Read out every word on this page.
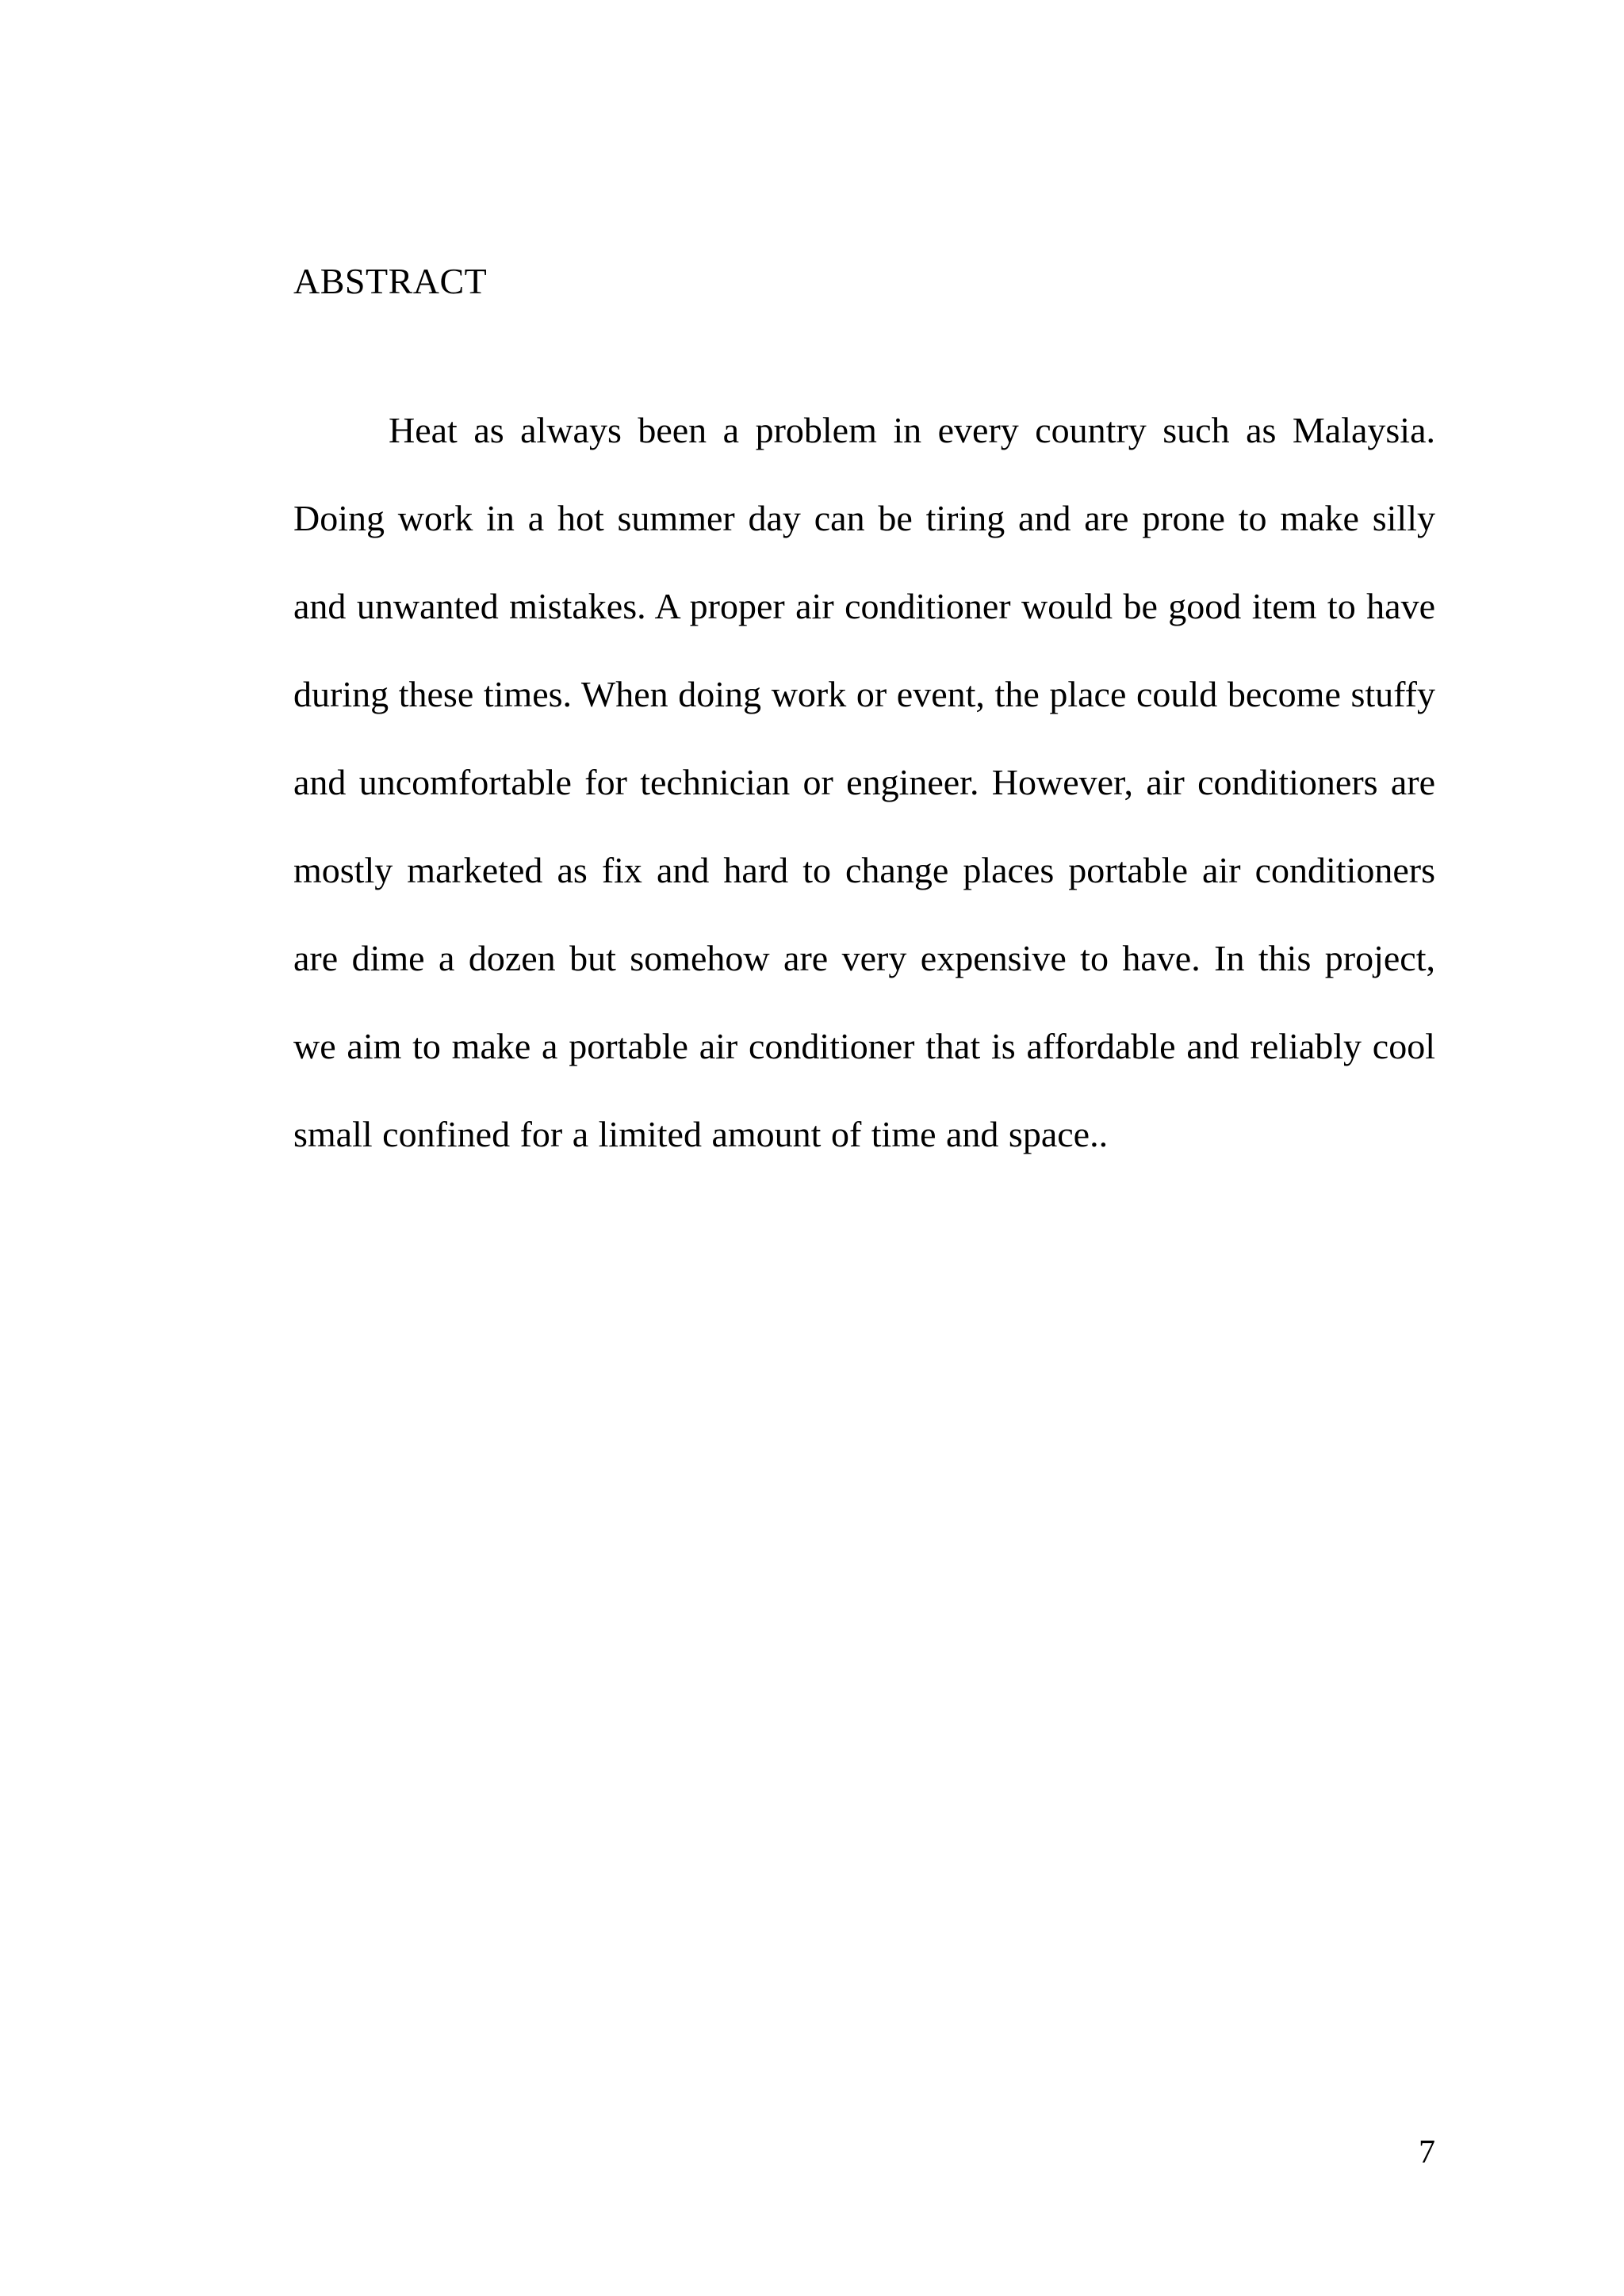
ABSTRACT

Heat as always been a problem in every country such as Malaysia. Doing work in a hot summer day can be tiring and are prone to make silly and unwanted mistakes. A proper air conditioner would be good item to have during these times. When doing work or event, the place could become stuffy and uncomfortable for technician or engineer. However, air conditioners are mostly marketed as fix and hard to change places portable air conditioners are dime a dozen but somehow are very expensive to have. In this project, we aim to make a portable air conditioner that is affordable and reliably cool small confined for a limited amount of time and space..

7
